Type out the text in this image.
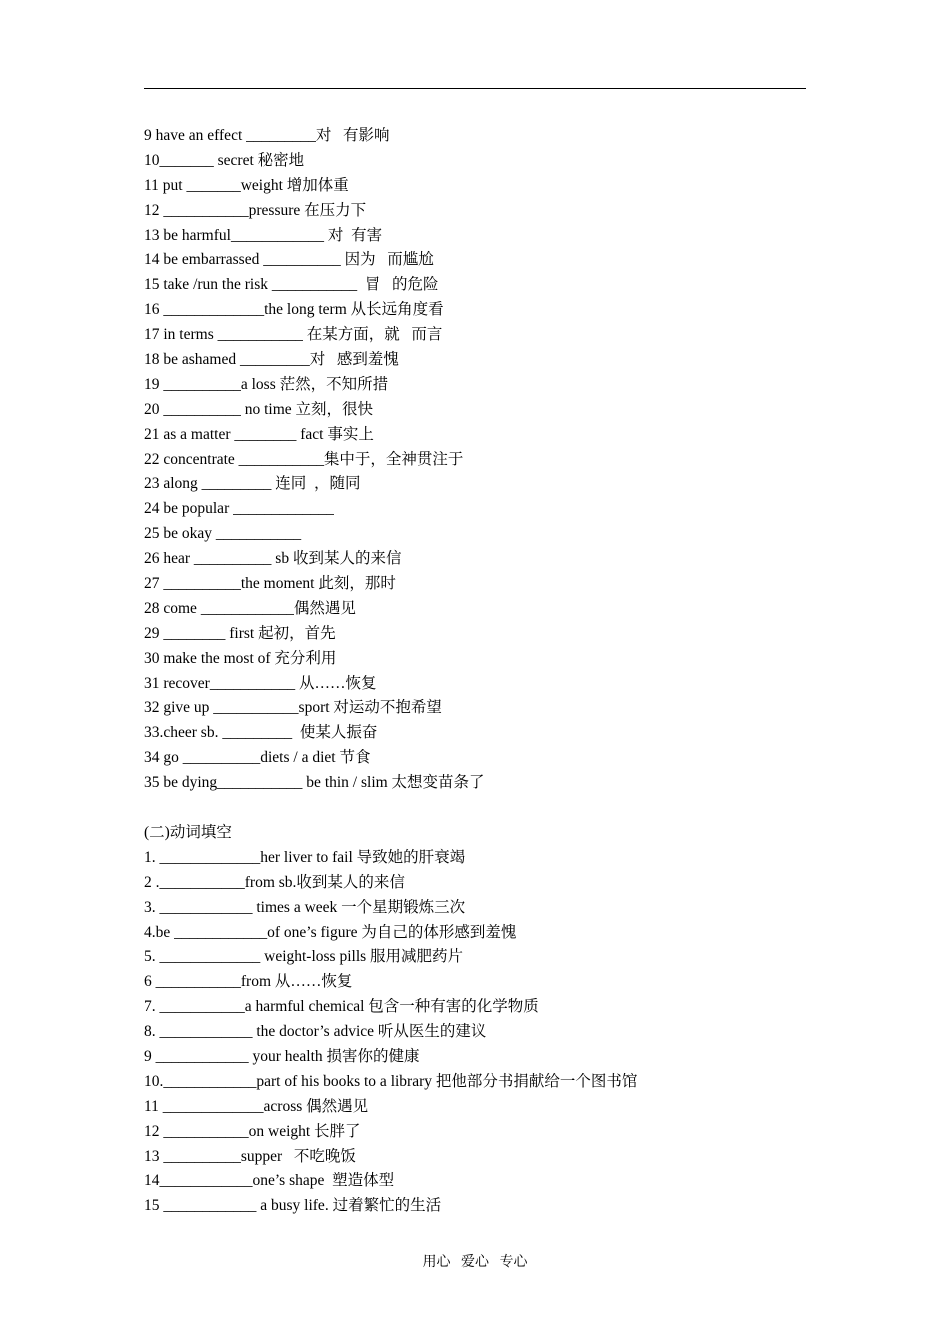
9 have an effect _________对   有影响
10_______ secret 秘密地
11 put _______weight 增加体重
12 ___________pressure 在压力下
13 be harmful____________ 对  有害
14 be embarrassed __________ 因为   而尴尬
15 take /run the risk ___________  冒   的危险
16 _____________the long term 从长远角度看
17 in terms ___________ 在某方面，就   而言
18 be ashamed _________对   感到羞愧
19 __________a loss 茫然，不知所措
20 __________ no time 立刻，很快
21 as a matter ________ fact 事实上
22 concentrate ___________集中于，全神贯注于
23 along _________ 连同  ，随同
24 be popular _____________
25 be okay ___________
26 hear __________ sb 收到某人的来信
27 __________the moment 此刻，那时
28 come ____________偶然遇见
29 ________ first 起初，首先
30 make the most of 充分利用
31 recover___________ 从……恢复
32 give up ___________sport 对运动不抱希望
33.cheer sb. _________  使某人振奋
34 go __________diets / a diet 节食
35 be dying___________ be thin / slim 太想变苗条了
(二)动词填空
1. _____________her liver to fail 导致她的肝衰竭
2 .___________from sb.收到某人的来信
3. ____________ times a week 一个星期锻炼三次
4.be ____________of one’s figure 为自己的体形感到羞愧
5. _____________ weight-loss pills 服用减肥药片
6 ___________from 从……恢复
7. ___________a harmful chemical 包含一种有害的化学物质
8. ____________ the doctor’s advice 听从医生的建议
9 ____________ your health 损害你的健康
10.____________part of his books to a library 把他部分书捐献给一个图书馆
11 _____________across 偶然遇见
12 ___________on weight 长胖了
13 __________supper   不吃晚饭
14____________one’s shape  塑造体型
15 ____________ a busy life. 过着繁忙的生活
用心   爱心   专心
